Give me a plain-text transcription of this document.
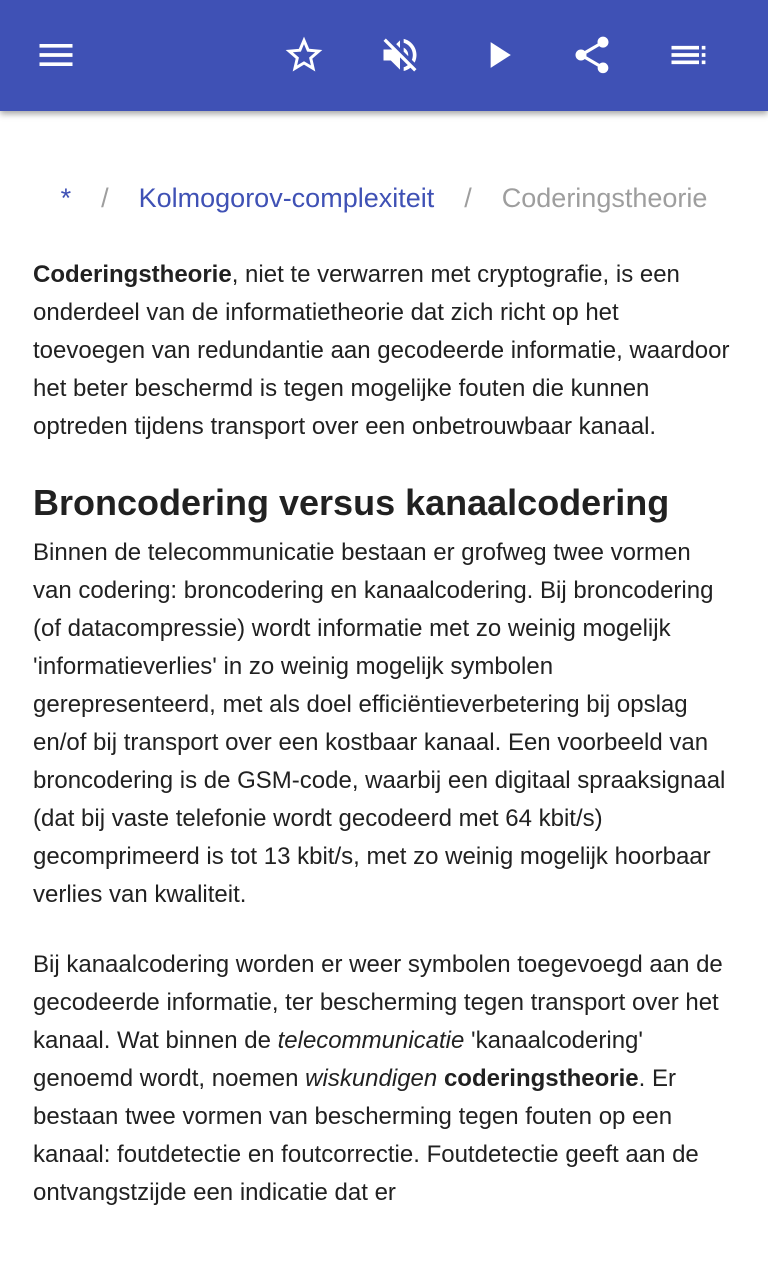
* / Kolmogorov-complexiteit / Coderingstheorie

Coderingstheorie, niet te verwarren met cryptografie, is een onderdeel van de informatietheorie dat zich richt op het toevoegen van redundantie aan gecodeerde informatie, waardoor het beter beschermd is tegen mogelijke fouten die kunnen optreden tijdens transport over een onbetrouwbaar kanaal.

Broncodering versus kanaalcodering

Binnen de telecommunicatie bestaan er grofweg twee vormen van codering: broncodering en kanaalcodering. Bij broncodering (of datacompressie) wordt informatie met zo weinig mogelijk 'informatieverlies' in zo weinig mogelijk symbolen gerepresenteerd, met als doel efficiëntieverbetering bij opslag en/of bij transport over een kostbaar kanaal. Een voorbeeld van broncodering is de GSM-code, waarbij een digitaal spraaksignaal (dat bij vaste telefonie wordt gecodeerd met 64 kbit/s) gecomprimeerd is tot 13 kbit/s, met zo weinig mogelijk hoorbaar verlies van kwaliteit.

Bij kanaalcodering worden er weer symbolen toegevoegd aan de gecodeerde informatie, ter bescherming tegen transport over het kanaal. Wat binnen de telecommunicatie 'kanaalcodering' genoemd wordt, noemen wiskundigen coderingstheorie. Er bestaan twee vormen van bescherming tegen fouten op een kanaal: foutdetectie en foutcorrectie. Foutdetectie geeft aan de ontvangstzijde een indicatie dat er
